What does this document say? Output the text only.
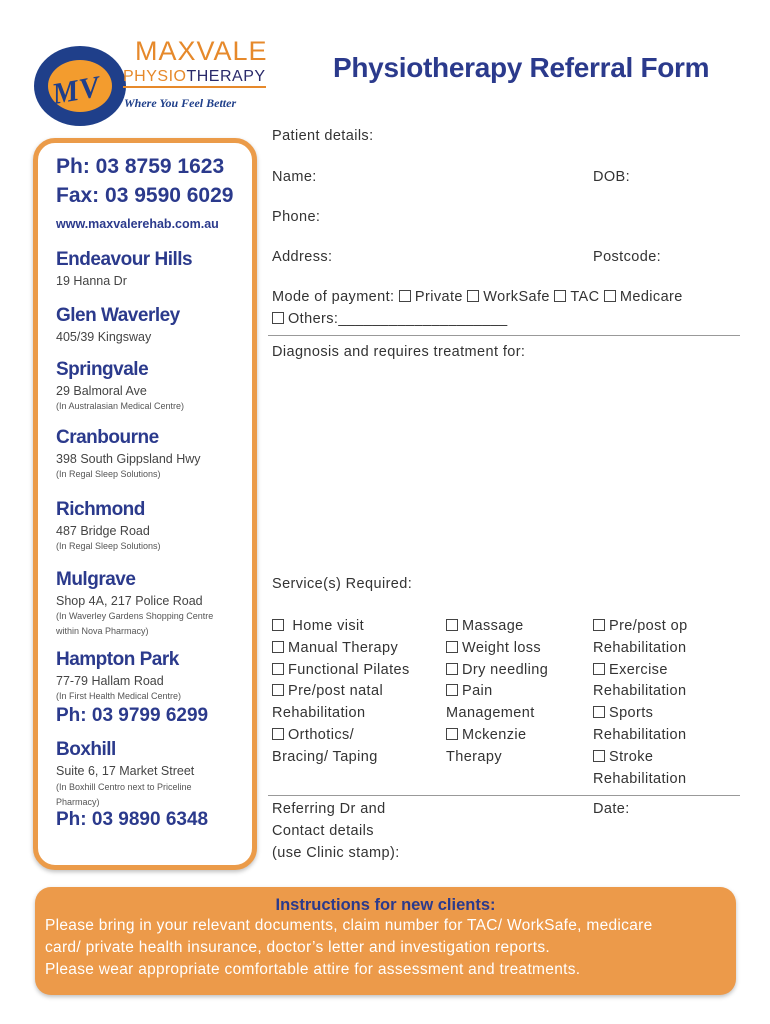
MV
MAXVALE
PHYSIOTHERAPY
Where You Feel Better
Physiotherapy Referral Form
Ph: 03 8759 1623
Fax: 03 9590 6029
www.maxvalerehab.com.au
Endeavour Hills
19 Hanna Dr
Glen Waverley
405/39 Kingsway
Springvale
29 Balmoral Ave
(In Australasian Medical Centre)
Cranbourne
398 South Gippsland Hwy
(In Regal Sleep Solutions)
Richmond
487 Bridge Road
(In Regal Sleep Solutions)
Mulgrave
Shop 4A, 217 Police Road
(In Waverley Gardens Shopping Centre
within Nova Pharmacy)
Hampton Park
77-79 Hallam Road
(In First Health Medical Centre)
Ph: 03 9799 6299
Boxhill
Suite 6, 17 Market Street
(In Boxhill Centro next to Priceline
Pharmacy)
Ph: 03 9890 6348
Patient details:
Name:	DOB:
Phone:
Address:	Postcode:
Mode of payment: Private WorkSafe TAC Medicare
Others:____________________
Diagnosis and requires treatment for:
Service(s) Required:
Home visit
Manual Therapy
Functional Pilates
Pre/post natal
Rehabilitation
Orthotics/
Bracing/ Taping
Massage
Weight loss
Dry needling
Pain
Management
Mckenzie
Therapy
Pre/post op
Rehabilitation
Exercise
Rehabilitation
Sports
Rehabilitation
Stroke
Rehabilitation
Referring Dr and
Contact details
(use Clinic stamp):
Date:
Instructions for new clients:
Please bring in your relevant documents, claim number for TAC/ WorkSafe, medicare
card/ private health insurance, doctor’s letter and investigation reports.
Please wear appropriate comfortable attire for assessment and treatments.
